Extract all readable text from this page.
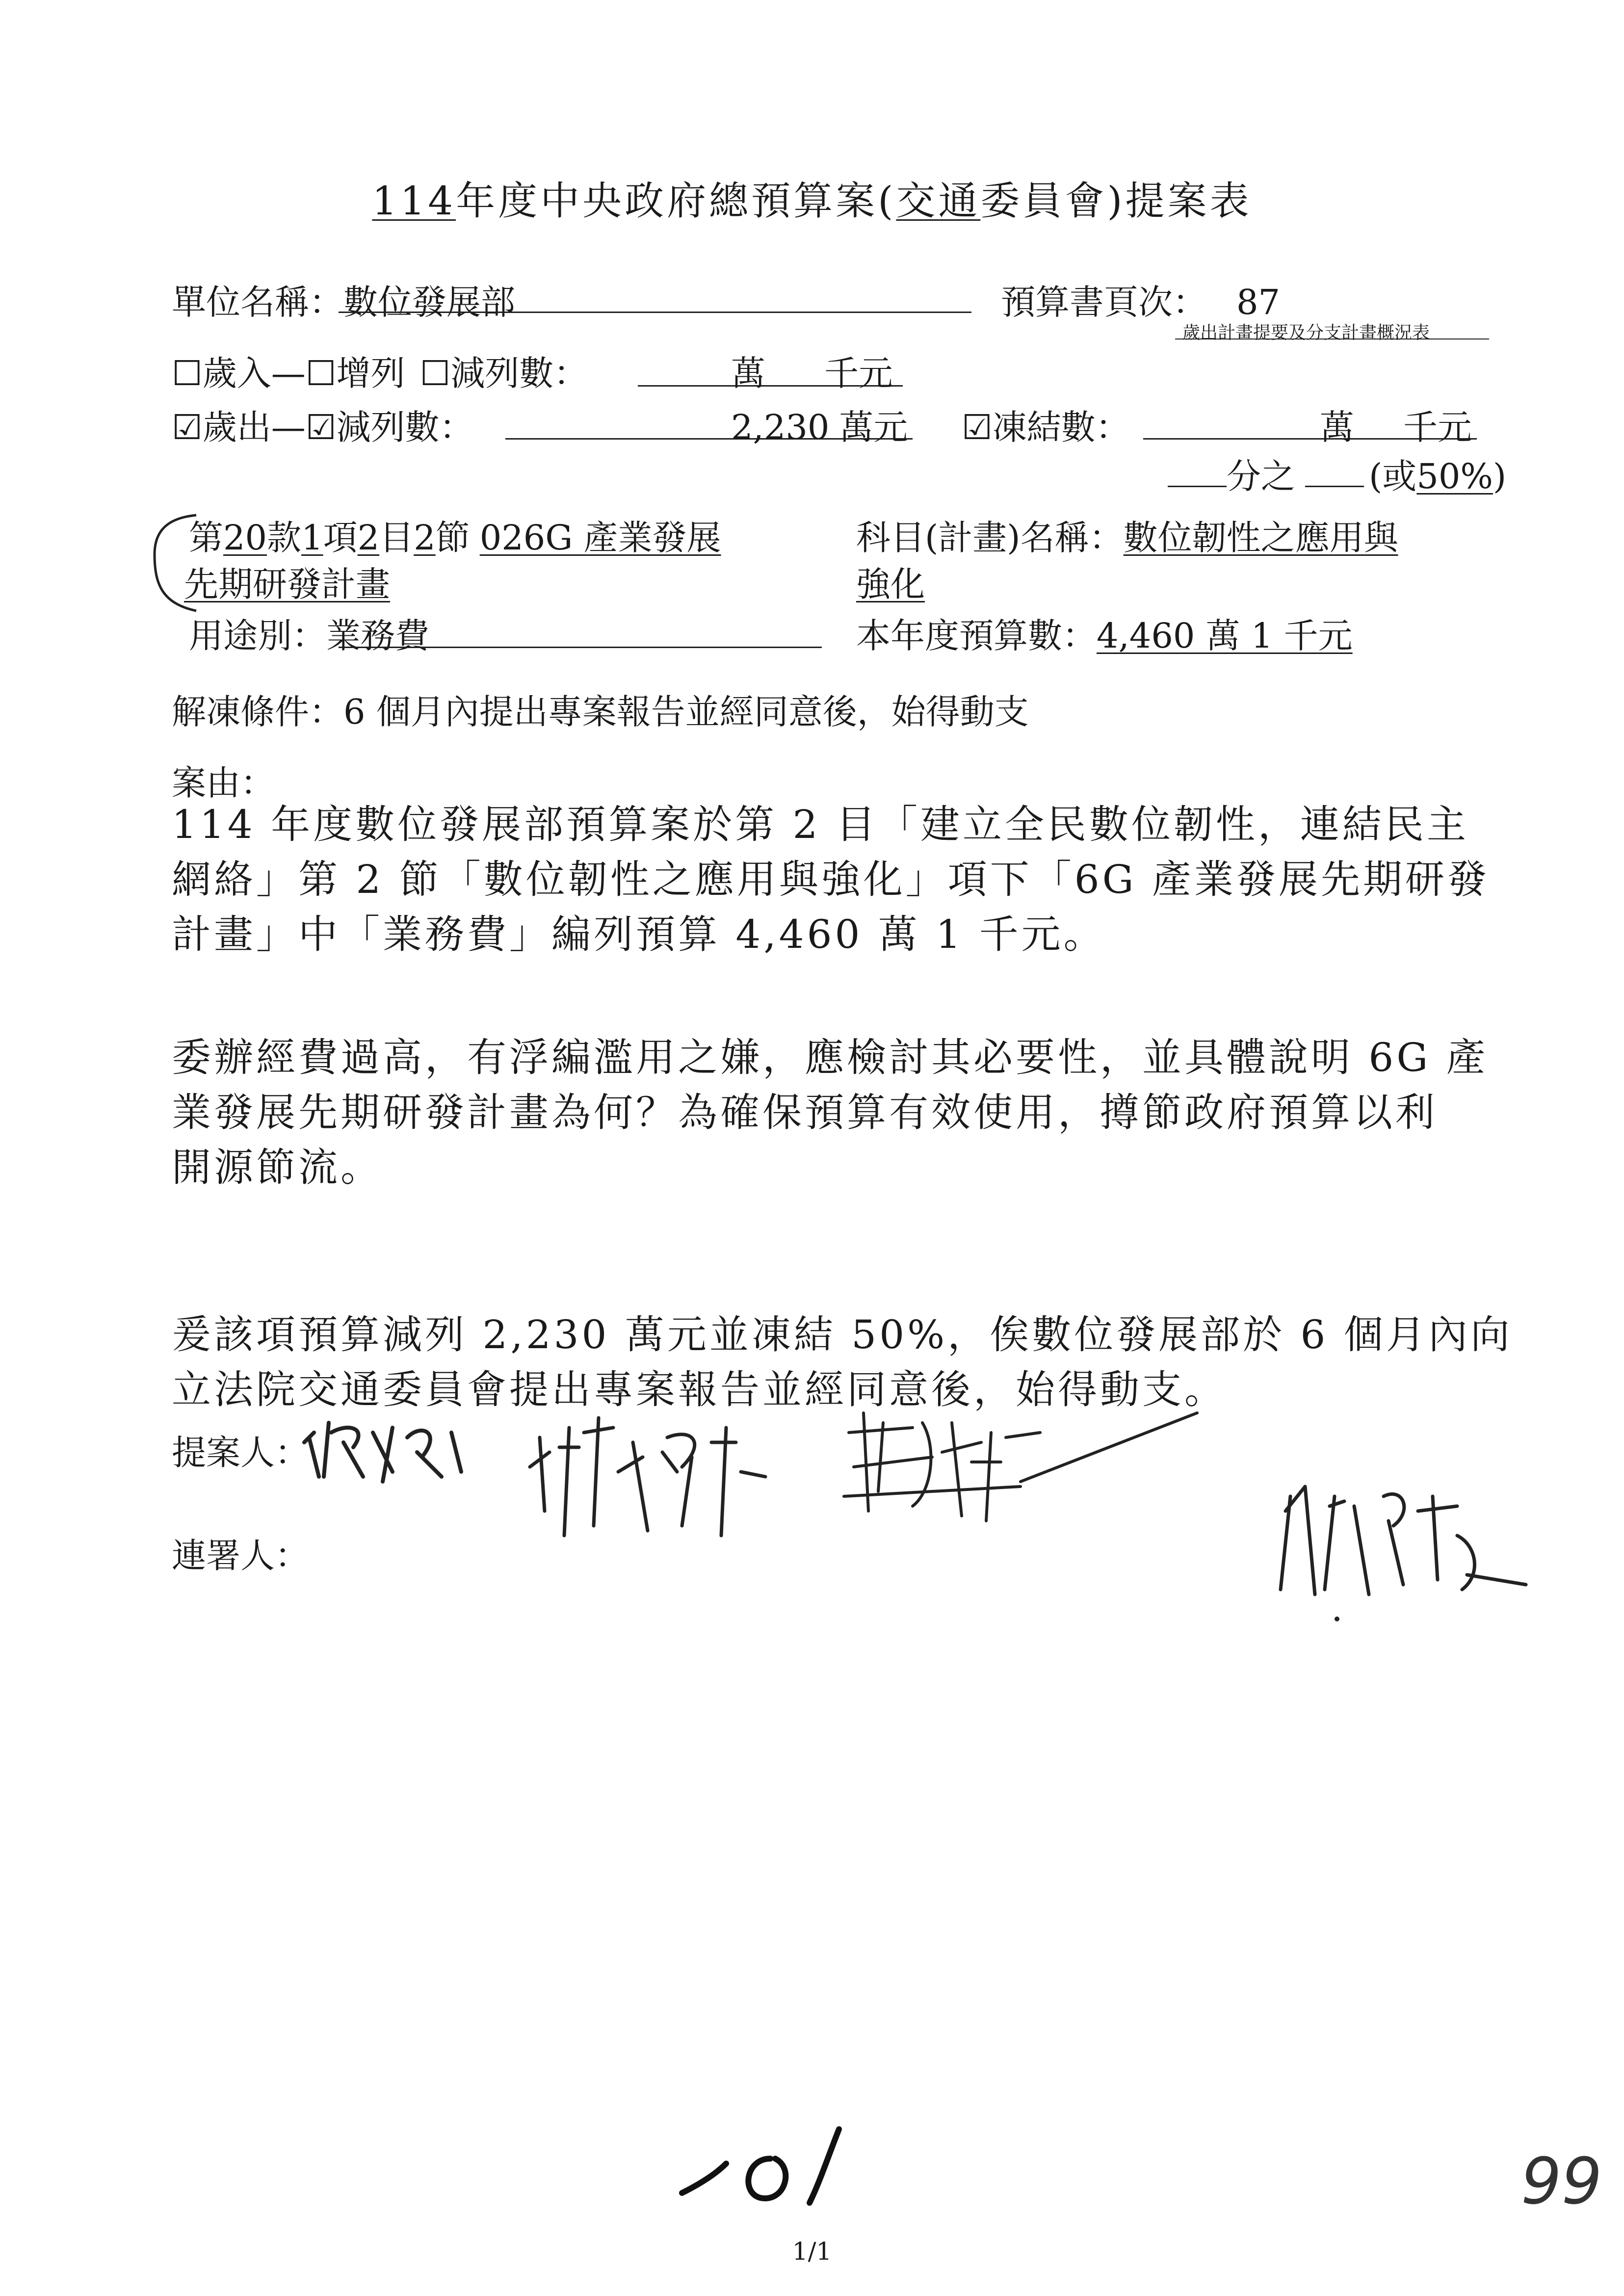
114年度中央政府總預算案(交通委員會)提案表
單位名稱：數位發展部	預算書頁次： 87
歲出計畫提要及分支計畫概況表
☐歲入—☐增列 ☐減列數：	萬 千元
☑歲出—☑減列數：	2,230 萬元 ☑凍結數：	萬 千元
分之 (或50%)
第20款1項2目2節 026G 產業發展
先期研發計畫
科目(計畫)名稱：數位韌性之應用與
強化
用途別：業務費	本年度預算數：4,460 萬 1 千元
解凍條件：6 個月內提出專案報告並經同意後，始得動支
案由：
114 年度數位發展部預算案於第 2 目「建立全民數位韌性，連結民主
網絡」第 2 節「數位韌性之應用與強化」項下「6G 產業發展先期研發
計畫」中「業務費」編列預算 4,460 萬 1 千元。
委辦經費過高，有浮編濫用之嫌，應檢討其必要性，並具體說明 6G 產
業發展先期研發計畫為何？為確保預算有效使用，撙節政府預算以利
開源節流。
爰該項預算減列 2,230 萬元並凍結 50%，俟數位發展部於 6 個月內向
立法院交通委員會提出專案報告並經同意後，始得動支。
提案人：
連署人：
101
99
1/1
